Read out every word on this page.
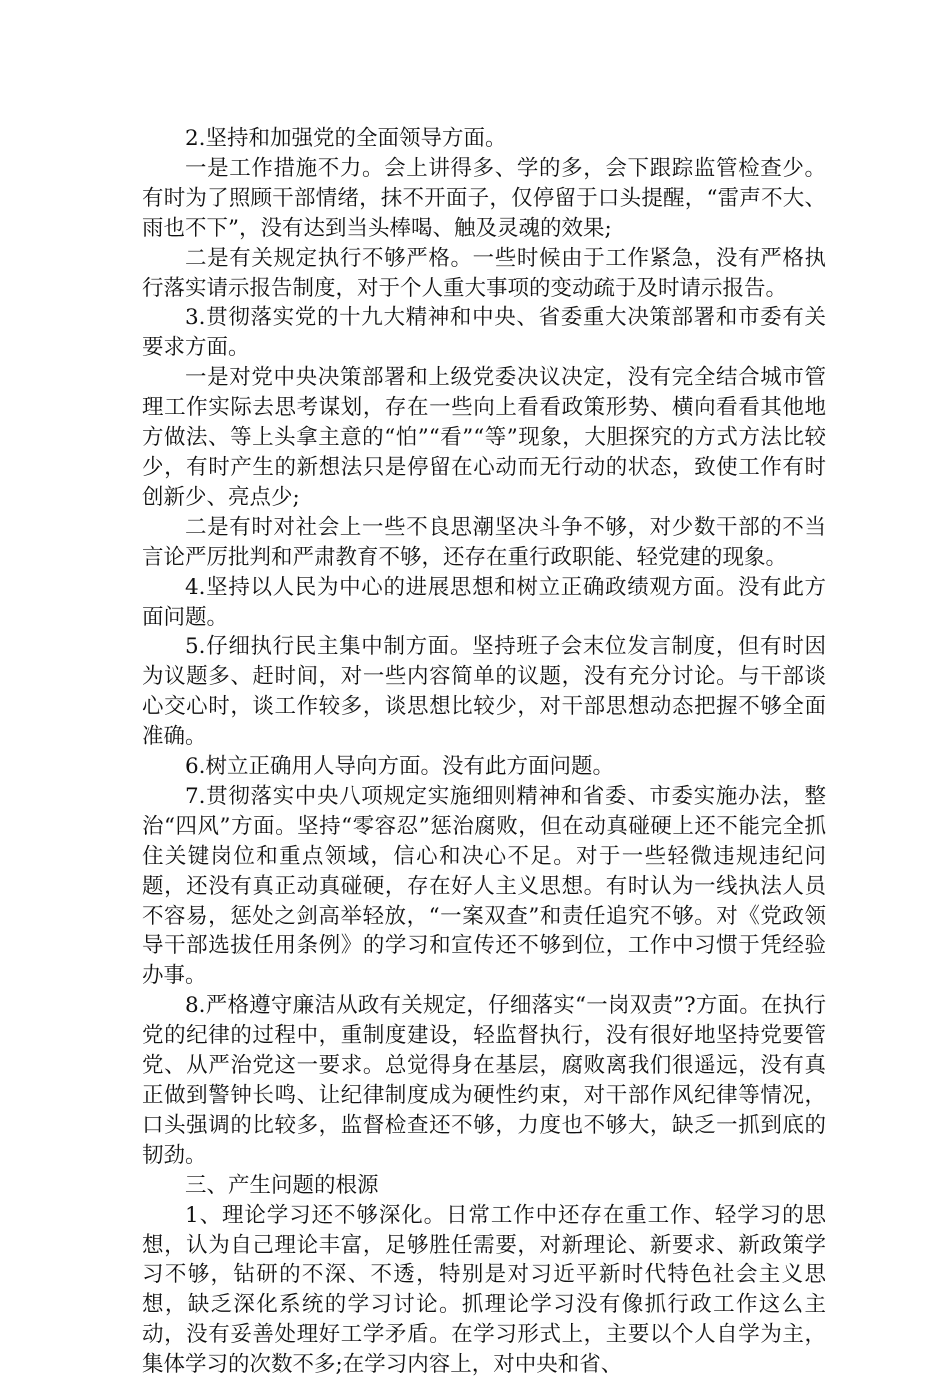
2.坚持和加强党的全面领导方面。

一是工作措施不力。会上讲得多、学的多，会下跟踪监管检查少。有时为了照顾干部情绪，抹不开面子，仅停留于口头提醒，“雷声不大、雨也不下”，没有达到当头棒喝、触及灵魂的效果;

二是有关规定执行不够严格。一些时候由于工作紧急，没有严格执行落实请示报告制度，对于个人重大事项的变动疏于及时请示报告。

3.贯彻落实党的十九大精神和中央、省委重大决策部署和市委有关要求方面。

一是对党中央决策部署和上级党委决议决定，没有完全结合城市管理工作实际去思考谋划，存在一些向上看看政策形势、横向看看其他地方做法、等上头拿主意的“怕”“看”“等”现象，大胆探究的方式方法比较少，有时产生的新想法只是停留在心动而无行动的状态，致使工作有时创新少、亮点少;

二是有时对社会上一些不良思潮坚决斗争不够，对少数干部的不当言论严厉批判和严肃教育不够，还存在重行政职能、轻党建的现象。

4.坚持以人民为中心的进展思想和树立正确政绩观方面。没有此方面问题。

5.仔细执行民主集中制方面。坚持班子会末位发言制度，但有时因为议题多、赶时间，对一些内容简单的议题，没有充分讨论。与干部谈心交心时，谈工作较多，谈思想比较少，对干部思想动态把握不够全面准确。

6.树立正确用人导向方面。没有此方面问题。

7.贯彻落实中央八项规定实施细则精神和省委、市委实施办法，整治“四风”方面。坚持“零容忍”惩治腐败，但在动真碰硬上还不能完全抓住关键岗位和重点领域，信心和决心不足。对于一些轻微违规违纪问题，还没有真正动真碰硬，存在好人主义思想。有时认为一线执法人员不容易，惩处之剑高举轻放，“一案双查”和责任追究不够。对《党政领导干部选拔任用条例》的学习和宣传还不够到位，工作中习惯于凭经验办事。

8.严格遵守廉洁从政有关规定，仔细落实“一岗双责”?方面。在执行党的纪律的过程中，重制度建设，轻监督执行，没有很好地坚持党要管党、从严治党这一要求。总觉得身在基层，腐败离我们很遥远，没有真正做到警钟长鸣、让纪律制度成为硬性约束，对干部作风纪律等情况，口头强调的比较多，监督检查还不够，力度也不够大，缺乏一抓到底的韧劲。

三、产生问题的根源

1、理论学习还不够深化。日常工作中还存在重工作、轻学习的思想，认为自己理论丰富，足够胜任需要，对新理论、新要求、新政策学习不够，钻研的不深、不透，特别是对习近平新时代特色社会主义思想，缺乏深化系统的学习讨论。抓理论学习没有像抓行政工作这么主动，没有妥善处理好工学矛盾。在学习形式上，主要以个人自学为主，集体学习的次数不多;在学习内容上，对中央和省、
